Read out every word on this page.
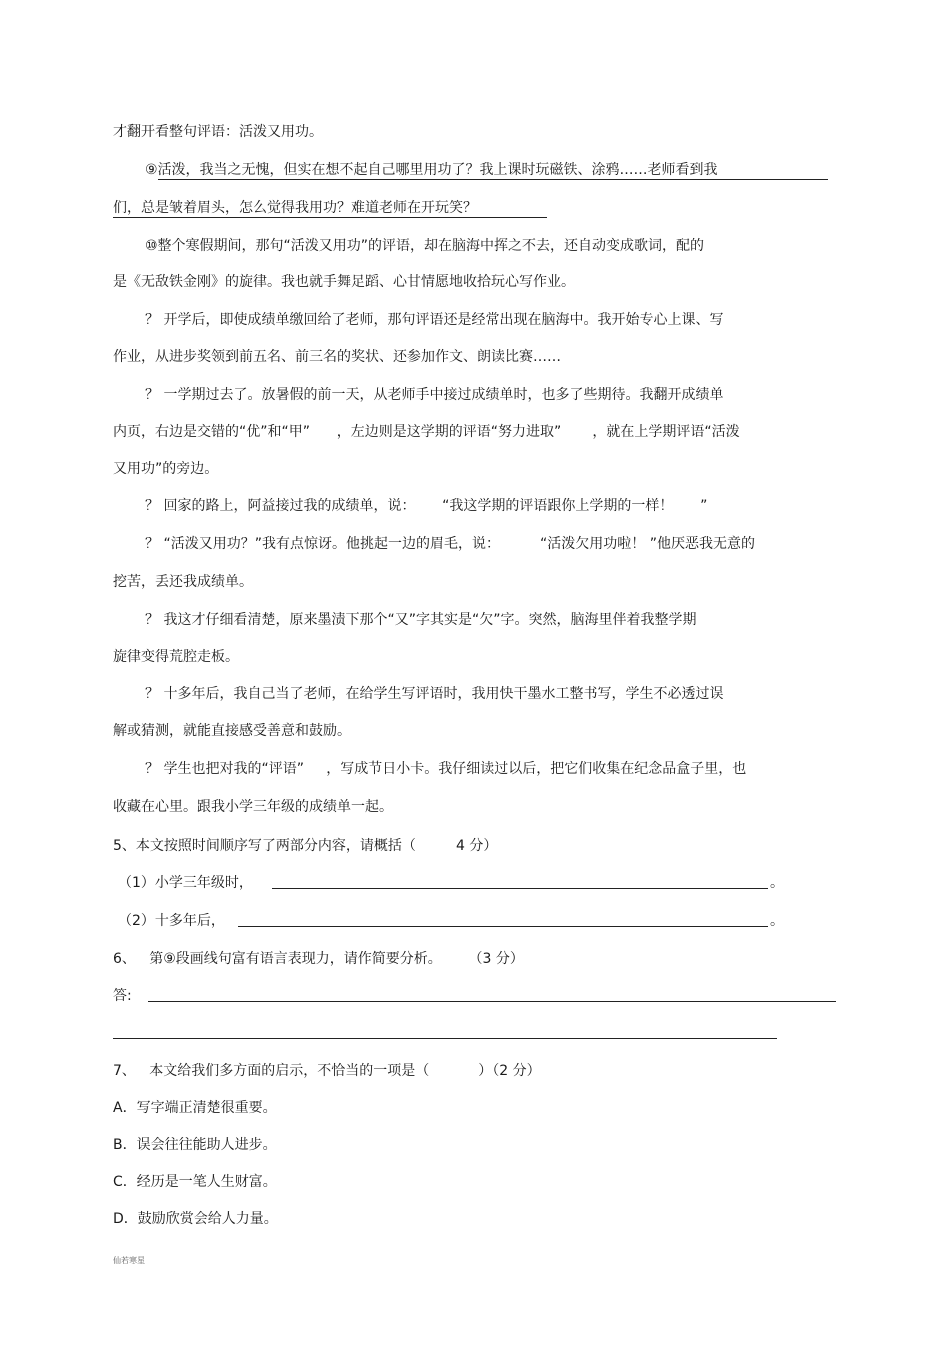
才翻开看整句评语：活泼又用功。
⑨活泼，我当之无愧，但实在想不起自己哪里用功了？我上课时玩磁铁、涂鸦……老师看到我
们，总是皱着眉头，怎么觉得我用功？难道老师在开玩笑？
⑩整个寒假期间，那句“活泼又用功”的评语，却在脑海中挥之不去，还自动变成歌词，配的
是《无敌铁金刚》的旋律。我也就手舞足蹈、心甘情愿地收拾玩心写作业。
？ 开学后，即使成绩单缴回给了老师，那句评语还是经常出现在脑海中。我开始专心上课、写
作业，从进步奖领到前五名、前三名的奖状、还参加作文、朗读比赛……
？ 一学期过去了。放暑假的前一天，从老师手中接过成绩单时，也多了些期待。我翻开成绩单
内页，右边是交错的“优”和“甲”      ，左边则是这学期的评语“努力进取”       ，就在上学期评语“活泼
又用功”的旁边。
？ 回家的路上，阿益接过我的成绩单，说：      “我这学期的评语跟你上学期的一样！      ”
？ “活泼又用功？”我有点惊讶。他挑起一边的眉毛，说：         “活泼欠用功啦！ ”他厌恶我无意的
挖苦，丢还我成绩单。
？ 我这才仔细看清楚，原来墨渍下那个“又”字其实是“欠”字。突然，脑海里伴着我整学期
旋律变得荒腔走板。
？ 十多年后，我自己当了老师，在给学生写评语时，我用快干墨水工整书写，学生不必透过误
解或猜测，就能直接感受善意和鼓励。
？ 学生也把对我的“评语”     ，写成节日小卡。我仔细读过以后，把它们收集在纪念品盒子里，也
收藏在心里。跟我小学三年级的成绩单一起。
5、本文按照时间顺序写了两部分内容，请概括（         4 分）
（1）小学三年级时，	。
（2）十多年后，	。
6、   第⑨段画线句富有语言表现力，请作简要分析。      （3 分）
答:
7、   本文给我们多方面的启示，不恰当的一项是（           ）（2 分）
A．写字端正清楚很重要。
B．误会往往能助人进步。
C．经历是一笔人生财富。
D．鼓励欣赏会给人力量。
仙若寒星
